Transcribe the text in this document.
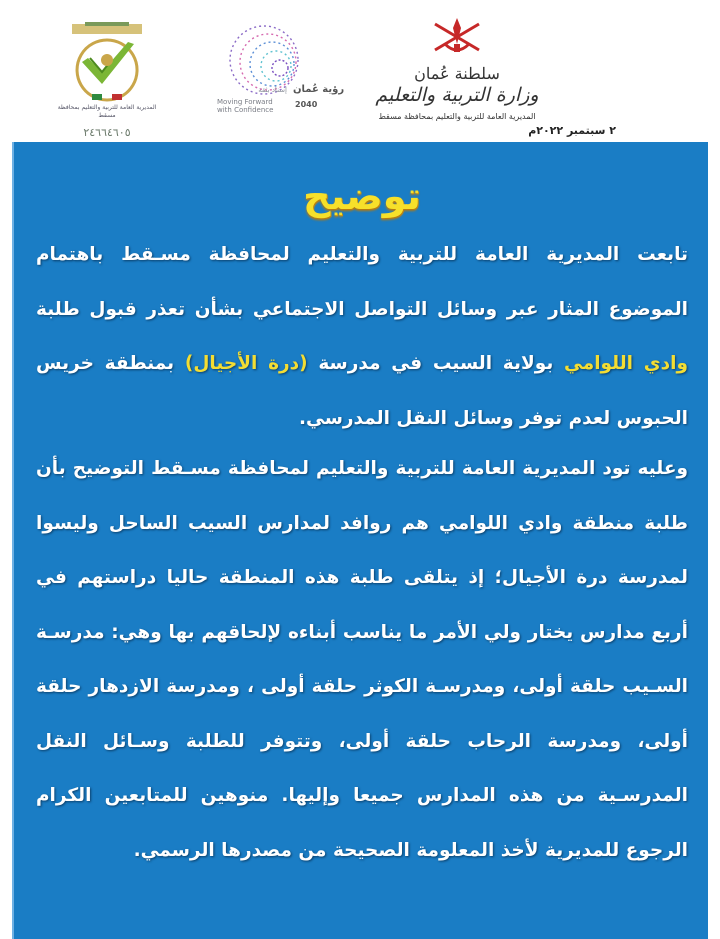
المديرية العامة للتربية والتعليم بمحافظة مسقط
٢٤٦٦٤٦٠٥
رؤية عُمان
2040
إسناد بثقة
Moving Forward with Confidence
سلطنة عُمان
وزارة التربية والتعليم
المديرية العامة للتربية والتعليم بمحافظة مسقط
٢ سبتمبر ٢٠٢٢م
توضيح
تابعت المديرية العامة للتربية والتعليم لمحافظة مسـقط باهتمام الموضوع المثار عبر وسائل التواصل الاجتماعي بشأن تعذر قبول طلبة وادي اللوامي بولاية السيب في مدرسة (درة الأجيال) بمنطقة خريس الحبوس لعدم توفر وسائل النقل المدرسي.
وعليه تود المديرية العامة للتربية والتعليم لمحافظة مسـقط التوضيح بأن طلبة منطقة وادي اللوامي هم روافد لمدارس السيب الساحل وليسوا لمدرسة درة الأجيال؛ إذ يتلقى طلبة هذه المنطقة حاليا دراستهم في أربع مدارس يختار ولي الأمر ما يناسب أبناءه لإلحاقهم بها وهي: مدرسـة السـيب حلقة أولى، ومدرسـة الكوثر حلقة أولى ، ومدرسة الازدهار حلقة أولى، ومدرسة الرحاب حلقة أولى، وتتوفر للطلبة وسـائل النقل المدرسـية من هذه المدارس جميعا وإليها. منوهين للمتابعين الكرام الرجوع للمديرية لأخذ المعلومة الصحيحة من مصدرها الرسمي.
